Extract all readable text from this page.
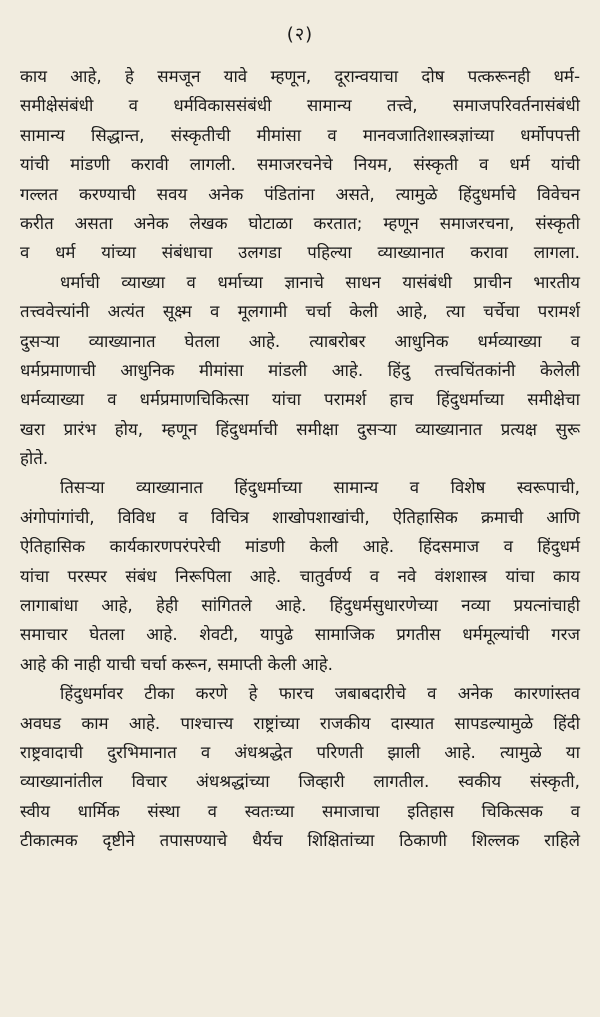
(२)

काय आहे, हे समजून यावे म्हणून, दूरान्वयाचा दोष पत्करूनही धर्म-
समीक्षेसंबंधी व धर्मविकाससंबंधी सामान्य तत्त्वे, समाजपरिवर्तनासंबंधी
सामान्य सिद्धान्त, संस्कृतीची मीमांसा व मानवजातिशास्त्रज्ञांच्या धर्मोपपत्ती
यांची मांडणी करावी लागली. समाजरचनेचे नियम, संस्कृती व धर्म यांची
गल्लत करण्याची सवय अनेक पंडितांना असते, त्यामुळे हिंदुधर्माचे विवेचन
करीत असता अनेक लेखक घोटाळा करतात; म्हणून समाजरचना, संस्कृती
व धर्म यांच्या संबंधाचा उलगडा पहिल्या व्याख्यानात करावा लागला.

धर्माची व्याख्या व धर्माच्या ज्ञानाचे साधन यासंबंधी प्राचीन भारतीय
तत्त्ववेत्त्यांनी अत्यंत सूक्ष्म व मूलगामी चर्चा केली आहे, त्या चर्चेचा परामर्श
दुसऱ्या व्याख्यानात घेतला आहे. त्याबरोबर आधुनिक धर्मव्याख्या व
धर्मप्रमाणाची आधुनिक मीमांसा मांडली आहे. हिंदु तत्त्वचिंतकांनी केलेली
धर्मव्याख्या व धर्मप्रमाणचिकित्सा यांचा परामर्श हाच हिंदुधर्माच्या समीक्षेचा
खरा प्रारंभ होय, म्हणून हिंदुधर्माची समीक्षा दुसऱ्या व्याख्यानात प्रत्यक्ष सुरू
होते.

तिसऱ्या व्याख्यानात हिंदुधर्माच्या सामान्य व विशेष स्वरूपाची,
अंगोपांगांची, विविध व विचित्र शाखोपशाखांची, ऐतिहासिक क्रमाची आणि
ऐतिहासिक कार्यकारणपरंपरेची मांडणी केली आहे. हिंदसमाज व हिंदुधर्म
यांचा परस्पर संबंध निरूपिला आहे. चातुर्वर्ण्य व नवे वंशशास्त्र यांचा काय
लागाबांधा आहे, हेही सांगितले आहे. हिंदुधर्मसुधारणेच्या नव्या प्रयत्नांचाही
समाचार घेतला आहे. शेवटी, यापुढे सामाजिक प्रगतीस धर्ममूल्यांची गरज
आहे की नाही याची चर्चा करून, समाप्ती केली आहे.

हिंदुधर्मावर टीका करणे हे फारच जबाबदारीचे व अनेक कारणांस्तव
अवघड काम आहे. पाश्चात्त्य राष्ट्रांच्या राजकीय दास्यात सापडल्यामुळे हिंदी
राष्ट्रवादाची दुरभिमानात व अंधश्रद्धेत परिणती झाली आहे. त्यामुळे या
व्याख्यानांतील विचार अंधश्रद्धांच्या जिव्हारी लागतील. स्वकीय संस्कृती,
स्वीय धार्मिक संस्था व स्वतःच्या समाजाचा इतिहास चिकित्सक व
टीकात्मक दृष्टीने तपासण्याचे धैर्यच शिक्षितांच्या ठिकाणी शिल्लक राहिले
